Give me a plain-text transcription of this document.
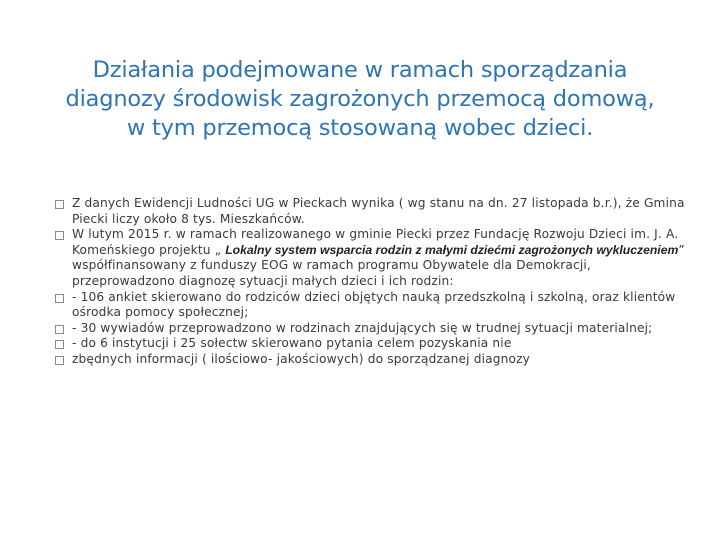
Działania podejmowane w ramach sporządzania
diagnozy środowisk zagrożonych przemocą domową,
w tym przemocą stosowaną wobec dzieci.
Z danych Ewidencji Ludności UG w Pieckach wynika ( wg stanu na dn. 27 listopada b.r.), że Gmina Piecki liczy około 8 tys. Mieszkańców.
W lutym 2015 r. w ramach realizowanego w gminie Piecki przez Fundację Rozwoju Dzieci im. J. A. Komeńskiego projektu „ Lokalny system wsparcia rodzin z małymi dziećmi zagrożonych wykluczeniem” współfinansowany z funduszy EOG w ramach programu Obywatele dla Demokracji, przeprowadzono diagnozę sytuacji małych dzieci i ich rodzin:
- 106 ankiet skierowano do rodziców dzieci objętych nauką przedszkolną i szkolną, oraz klientów ośrodka pomocy społecznej;
- 30 wywiadów przeprowadzono w rodzinach znajdujących się w trudnej sytuacji materialnej;
- do 6 instytucji i 25 sołectw skierowano pytania celem pozyskania nie
zbędnych informacji ( ilościowo- jakościowych) do sporządzanej diagnozy
